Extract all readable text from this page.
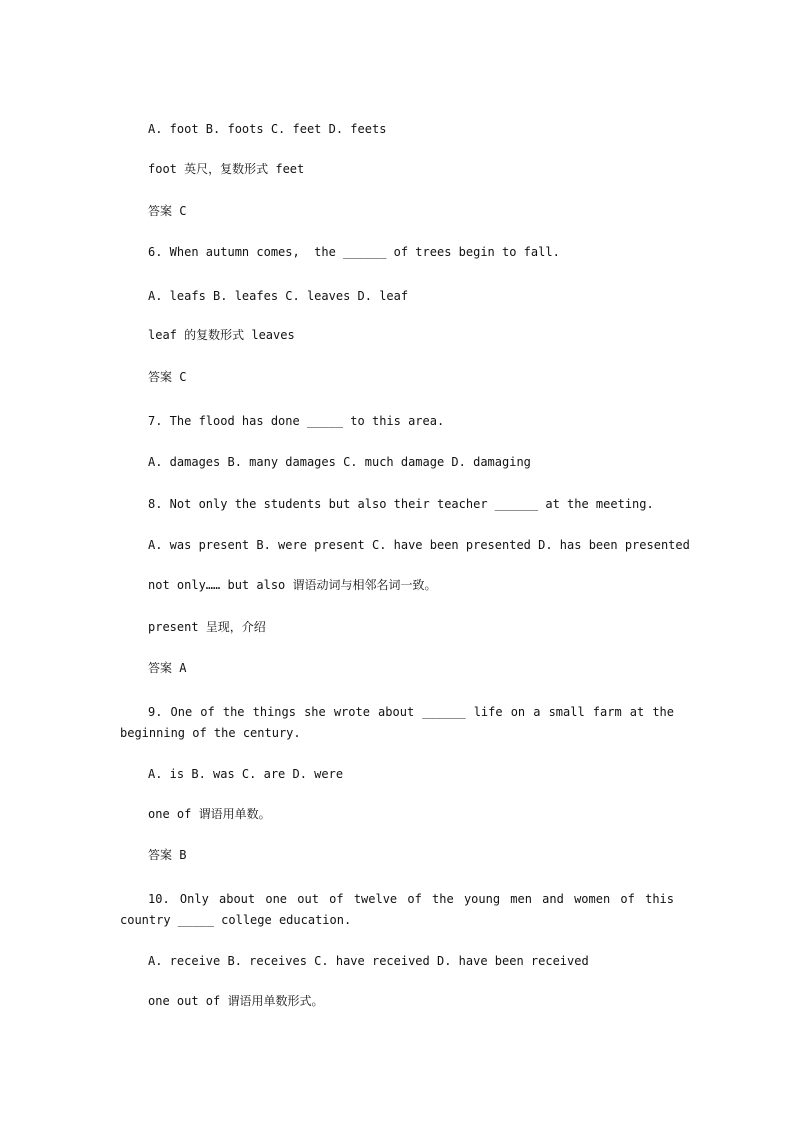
A. foot B. foots C. feet D. feets
foot 英尺，复数形式 feet
答案 C
6. When autumn comes,  the ______ of trees begin to fall.
A. leafs B. leafes C. leaves D. leaf
leaf 的复数形式 leaves
答案 C
7. The flood has done _____ to this area.
A. damages B. many damages C. much damage D. damaging
8. Not only the students but also their teacher ______ at the meeting.
A. was present B. were present C. have been presented D. has been presented
not only…… but also 谓语动词与相邻名词一致。
present 呈现，介绍
答案 A
9. One of the things she wrote about ______ life on a small farm at the beginning of the century.
A. is B. was C. are D. were
one of 谓语用单数。
答案 B
10. Only about one out of twelve of the young men and women of this country _____ college education.
A. receive B. receives C. have received D. have been received
one out of 谓语用单数形式。
